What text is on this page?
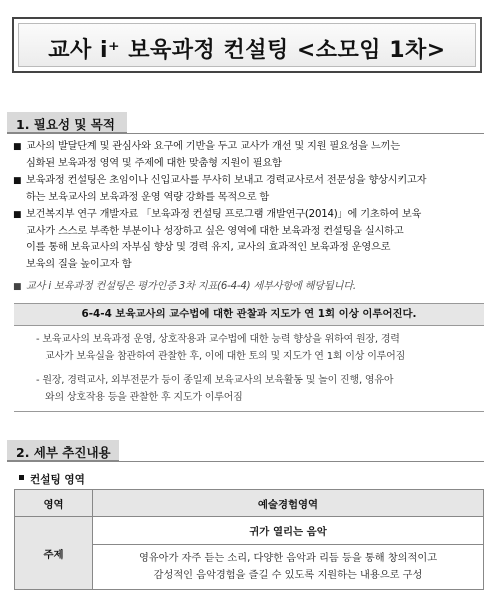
교사 i⁺ 보육과정 컨설팅 <소모임 1차>
1. 필요성 및 목적
■ 교사의 발달단계 및 관심사와 요구에 기반을 두고 교사가 개선 및 지원 필요성을 느끼는
심화된 보육과정 영역 및 주제에 대한 맞춤형 지원이 필요함
■ 보육과정 컨설팅은 초임이나 신입교사를 무사히 보내고 경력교사로서 전문성을 향상시키고자
하는 보육교사의 보육과정 운영 역량 강화를 목적으로 함
■ 보건복지부 연구 개발자료 「보육과정 컨설팅 프로그램 개발연구(2014)」에 기초하여 보육
교사가 스스로 부족한 부분이나 성장하고 싶은 영역에 대한 보육과정 컨설팅을 실시하고
이를 통해 보육교사의 자부심 향상 및 경력 유지, 교사의 효과적인 보육과정 운영으로
보육의 질을 높이고자 함
■ 교사 i 보육과정 컨설팅은 평가인증 3차 지표(6-4-4) 세부사항에 해당됩니다.
6-4-4 보육교사의 교수법에 대한 관찰과 지도가 연 1회 이상 이루어진다.
- 보육교사의 보육과정 운영, 상호작용과 교수법에 대한 능력 향상을 위하여 원장, 경력
교사가 보육실을 참관하여 관찰한 후, 이에 대한 토의 및 지도가 연 1회 이상 이루어짐
- 원장, 경력교사, 외부전문가 등이 종일제 보육교사의 보육활동 및 놀이 진행, 영유아
와의 상호작용 등을 관찰한 후 지도가 이루어짐
2. 세부 추진내용
컨설팅 영역
영역	예술경험영역
주제	귀가 열리는 음악

	영유아가 자주 듣는 소리, 다양한 음악과 리듬 등을 통해 창의적이고
감성적인 음악경험을 즐길 수 있도록 지원하는 내용으로 구성
